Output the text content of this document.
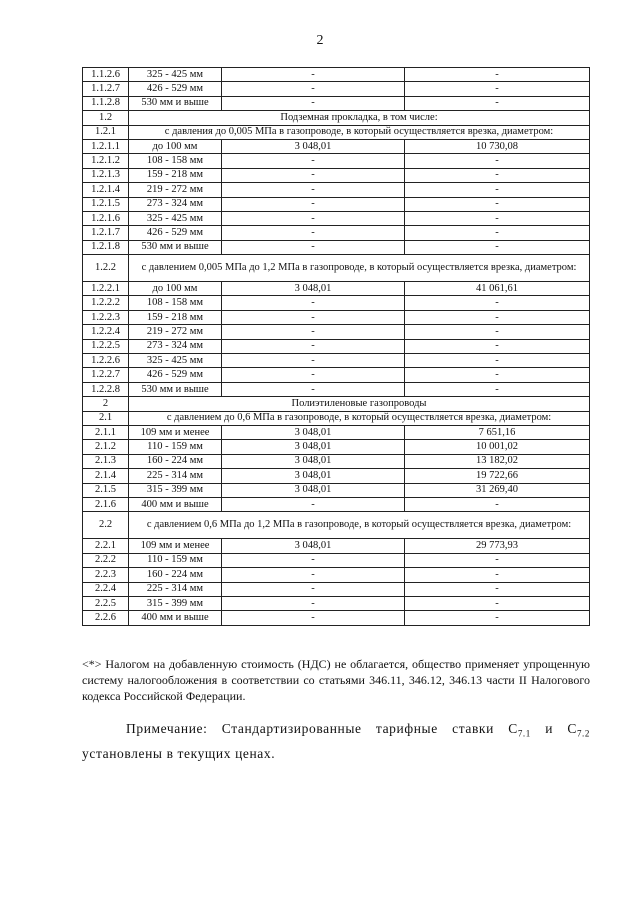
2
1.1.2.6	325 - 425 мм	-	-
1.1.2.7	426 - 529 мм	-	-
1.1.2.8	530 мм и выше	-	-
1.2	Подземная прокладка, в том числе:		
1.2.1	с давления до 0,005 МПа в газопроводе, в который осуществляется врезка, диаметром:		
1.2.1.1	до 100 мм	3 048,01	10 730,08
1.2.1.2	108 - 158 мм	-	-
1.2.1.3	159 - 218 мм	-	-
1.2.1.4	219 - 272 мм	-	-
1.2.1.5	273 - 324 мм	-	-
1.2.1.6	325 - 425 мм	-	-
1.2.1.7	426 - 529 мм	-	-
1.2.1.8	530 мм и выше	-	-
1.2.2	с давлением 0,005 МПа до 1,2 МПа в газопроводе, в который осуществляется врезка, диаметром:		
1.2.2.1	до 100 мм	3 048,01	41 061,61
1.2.2.2	108 - 158 мм	-	-
1.2.2.3	159 - 218 мм	-	-
1.2.2.4	219 - 272 мм	-	-
1.2.2.5	273 - 324 мм	-	-
1.2.2.6	325 - 425 мм	-	-
1.2.2.7	426 - 529 мм	-	-
1.2.2.8	530 мм и выше	-	-
2	Полиэтиленовые газопроводы		
2.1	с давлением до 0,6 МПа в газопроводе, в который осуществляется врезка, диаметром:		
2.1.1	109 мм и менее	3 048,01	7 651,16
2.1.2	110 - 159 мм	3 048,01	10 001,02
2.1.3	160 - 224 мм	3 048,01	13 182,02
2.1.4	225 - 314 мм	3 048,01	19 722,66
2.1.5	315 - 399 мм	3 048,01	31 269,40
2.1.6	400 мм и выше	-	-
2.2	с давлением 0,6 МПа до 1,2 МПа в газопроводе, в который осуществляется врезка, диаметром:		
2.2.1	109 мм и менее	3 048,01	29 773,93
2.2.2	110 - 159 мм	-	-
2.2.3	160 - 224 мм	-	-
2.2.4	225 - 314 мм	-	-
2.2.5	315 - 399 мм	-	-
2.2.6	400 мм и выше	-	-
<*> Налогом на добавленную стоимость (НДС) не облагается, общество применяет упрощенную систему налогообложения в соответствии со статьями 346.11, 346.12, 346.13 части II Налогового кодекса Российской Федерации.
Примечание: Стандартизированные тарифные ставки $С_{7.1}$ и $С_{7.2}$ установлены в текущих ценах.
